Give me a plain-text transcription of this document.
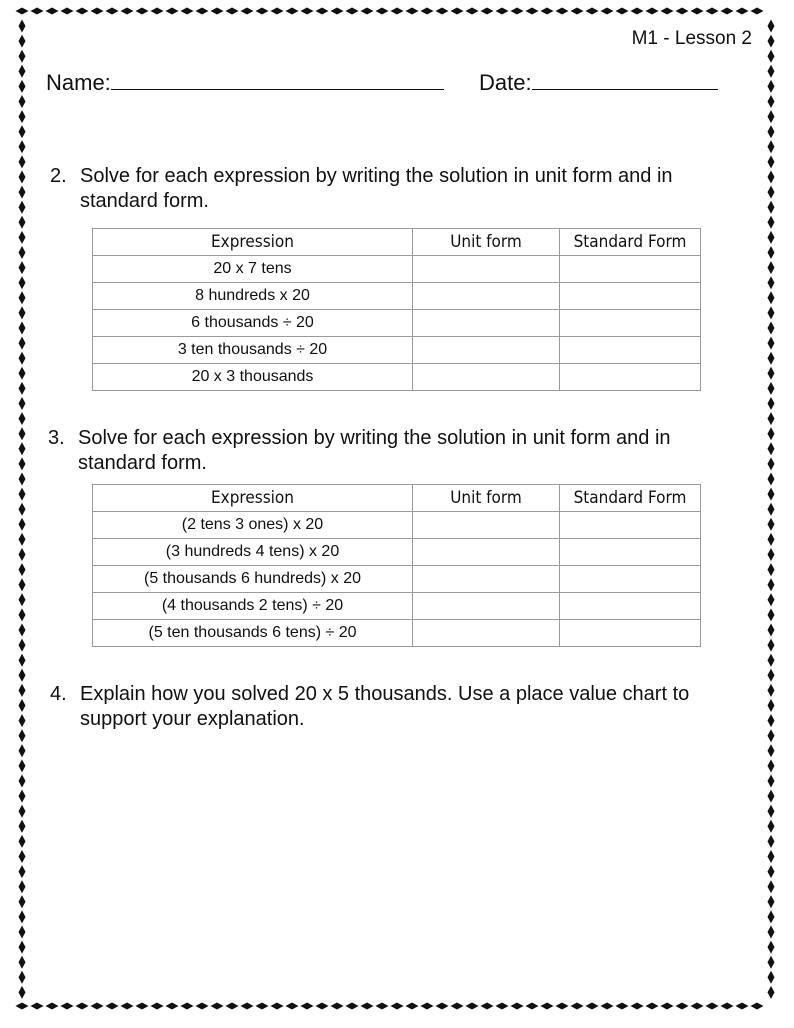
M1 - Lesson 2
Name:	Date:
2. Solve for each expression by writing the solution in unit form and in standard form.
Expression	Unit form	Standard Form
20 x 7 tens		
8 hundreds x 20		
6 thousands ÷ 20		
3 ten thousands ÷ 20		
20 x 3 thousands		
3. Solve for each expression by writing the solution in unit form and in standard form.
Expression	Unit form	Standard Form
(2 tens 3 ones) x 20		
(3 hundreds 4 tens) x 20		
(5 thousands 6 hundreds) x 20		
(4 thousands 2 tens) ÷ 20		
(5 ten thousands 6 tens) ÷ 20		
4. Explain how you solved 20 x 5 thousands. Use a place value chart to support your explanation.
